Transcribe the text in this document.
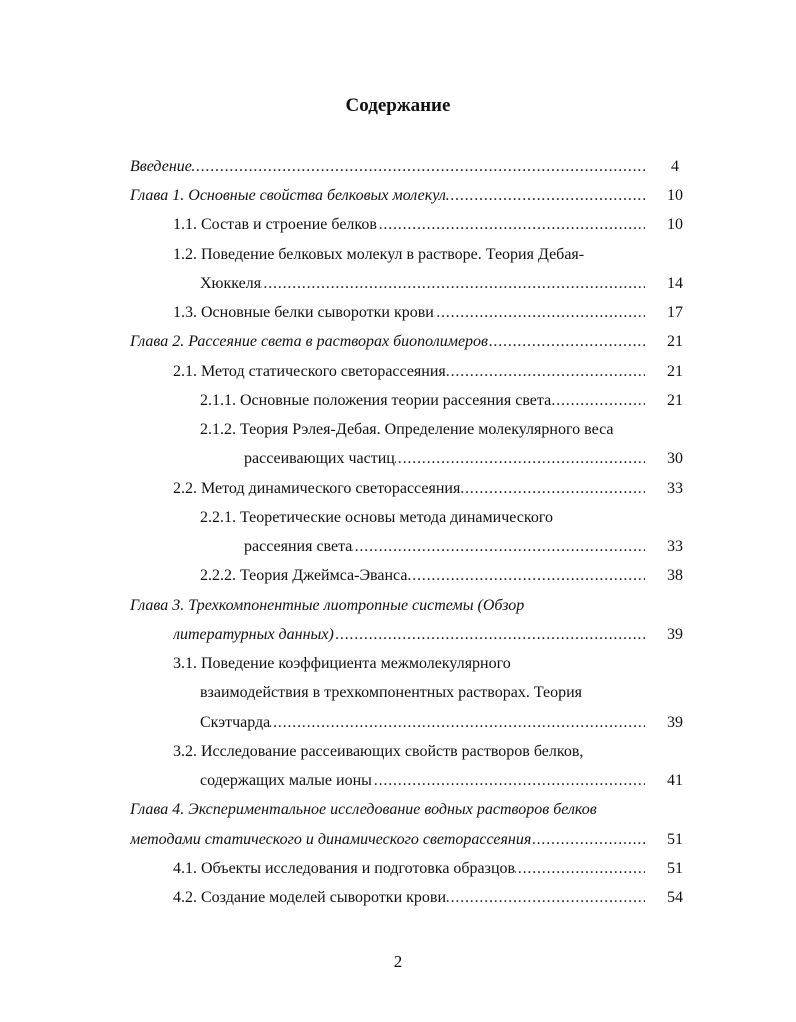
Содержание
. . . Введение	4
. . . Глава 1. Основные свойства белковых молекул	10
. . . 1.1. Состав и строение белков	10
1.2. Поведение белковых молекул в растворе. Теория Дебая-
. . . Хюккеля	14
. . . 1.3. Основные белки сыворотки крови	17
. . . Глава 2. Рассеяние света в растворах биополимеров	21
. . . 2.1. Метод статического светорассеяния	21
. . . 2.1.1. Основные положения теории рассеяния света	21
2.1.2. Теория Рэлея-Дебая. Определение молекулярного веса
. . . рассеивающих частиц	30
. . . 2.2. Метод динамического светорассеяния	33
2.2.1. Теоретические основы метода динамического
. . . рассеяния света	33
. . . 2.2.2. Теория Джеймса-Эванса	38
Глава 3. Трехкомпонентные лиотропные системы (Обзор
. . . литературных данных)	39
3.1. Поведение коэффициента межмолекулярного
взаимодействия в трехкомпонентных растворах. Теория
. . . Скэтчарда	39
3.2. Исследование рассеивающих свойств растворов белков,
. . . содержащих малые ионы	41
Глава 4. Экспериментальное исследование водных растворов белков
. . . методами статического и динамического светорассеяния	51
. . . 4.1. Объекты исследования и подготовка образцов	51
. . . 4.2. Создание моделей сыворотки крови	54
2
